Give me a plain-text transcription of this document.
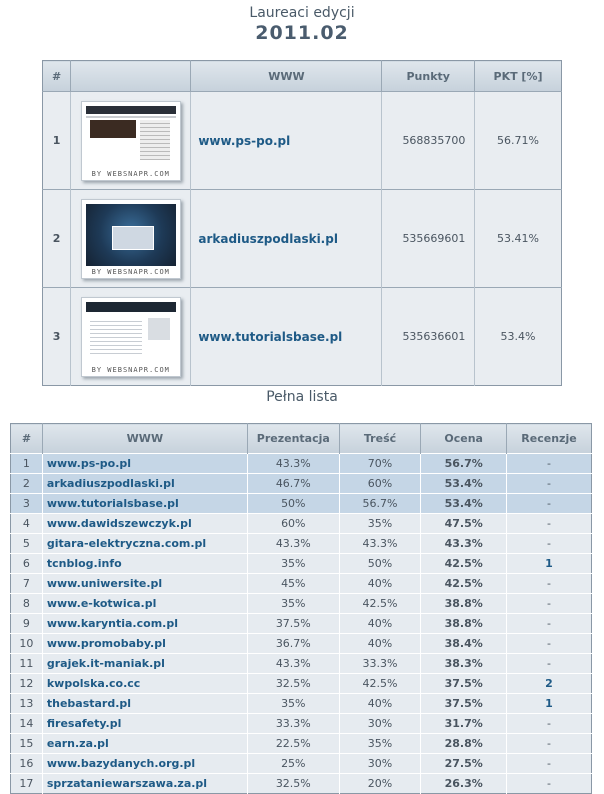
Laureaci edycji
2011.02
#		WWW	Punkty	PKT [%]
1	BY WEBSNAPR.COM	www.ps-po.pl	568835700	56.71%
2	BY WEBSNAPR.COM	arkadiuszpodlaski.pl	535669601	53.41%
3	BY WEBSNAPR.COM	www.tutorialsbase.pl	535636601	53.4%
Pełna lista
#	WWW	Prezentacja	Treść	Ocena	Recenzje
1	www.ps-po.pl	43.3%	70%	56.7%	-
2	arkadiuszpodlaski.pl	46.7%	60%	53.4%	-
3	www.tutorialsbase.pl	50%	56.7%	53.4%	-
4	www.dawidszewczyk.pl	60%	35%	47.5%	-
5	gitara-elektryczna.com.pl	43.3%	43.3%	43.3%	-
6	tcnblog.info	35%	50%	42.5%	1
7	www.uniwersite.pl	45%	40%	42.5%	-
8	www.e-kotwica.pl	35%	42.5%	38.8%	-
9	www.karyntia.com.pl	37.5%	40%	38.8%	-
10	www.promobaby.pl	36.7%	40%	38.4%	-
11	grajek.it-maniak.pl	43.3%	33.3%	38.3%	-
12	kwpolska.co.cc	32.5%	42.5%	37.5%	2
13	thebastard.pl	35%	40%	37.5%	1
14	firesafety.pl	33.3%	30%	31.7%	-
15	earn.za.pl	22.5%	35%	28.8%	-
16	www.bazydanych.org.pl	25%	30%	27.5%	-
17	sprzataniewarszawa.za.pl	32.5%	20%	26.3%	-
